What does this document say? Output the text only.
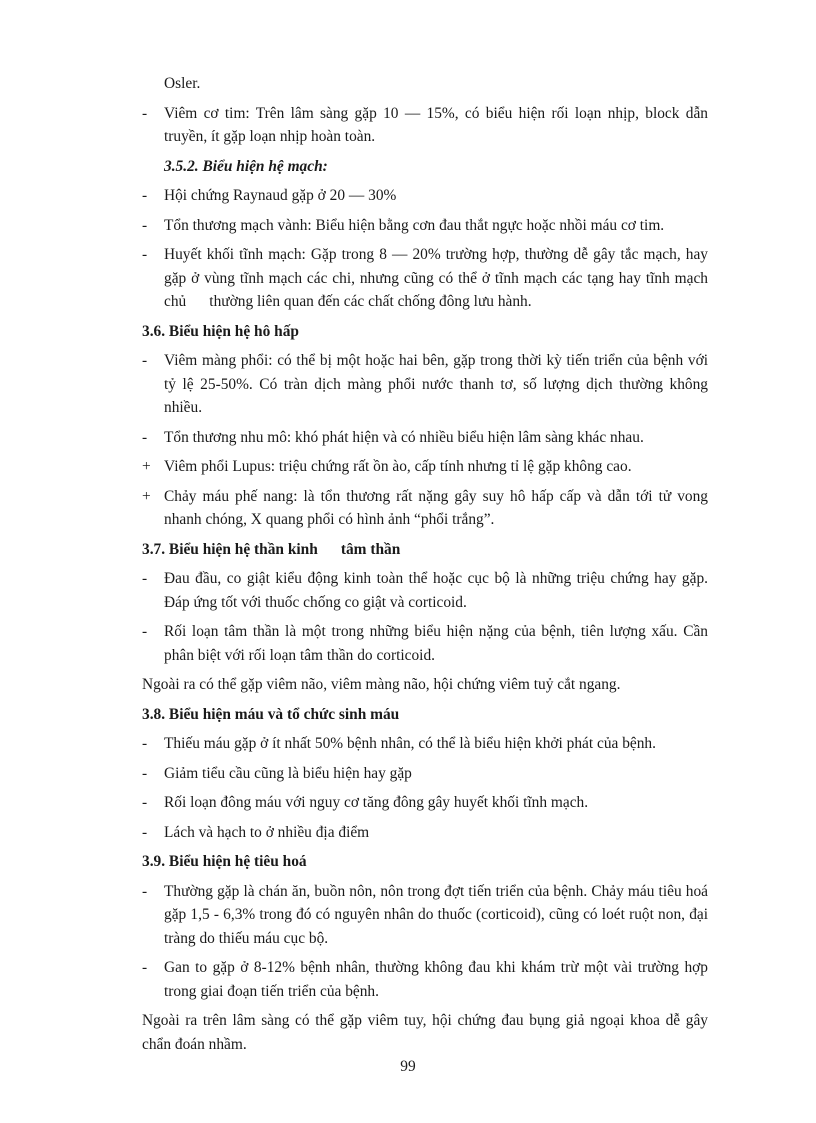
Osler.
-	Viêm cơ tim: Trên lâm sàng gặp 10 — 15%, có biểu hiện rối loạn nhịp, block dẫn truyền, ít gặp loạn nhịp hoàn toàn.
3.5.2. Biểu hiện hệ mạch:
-	Hội chứng Raynaud gặp ở 20 — 30%
-	Tổn thương mạch vành: Biểu hiện bằng cơn đau thắt ngực hoặc nhồi máu cơ tim.
-	Huyết khối tĩnh mạch: Gặp trong 8 — 20% trường hợp, thường dễ gây tắc mạch, hay gặp ở vùng tĩnh mạch các chi, nhưng cũng có thể ở tĩnh mạch các tạng hay tĩnh mạch chủ      thường liên quan đến các chất chống đông lưu hành.
3.6. Biểu hiện hệ hô hấp
-	Viêm màng phổi: có thể bị một hoặc hai bên, gặp trong thời kỳ tiến triển của bệnh với tỷ lệ 25-50%. Có tràn dịch màng phổi nước thanh tơ, số lượng dịch thường không nhiều.
-	Tổn thương nhu mô: khó phát hiện và có nhiều biểu hiện lâm sàng khác nhau.
+ Viêm phổi Lupus: triệu chứng rất ồn ào, cấp tính nhưng tỉ lệ gặp không cao.
+ Chảy máu phế nang: là tổn thương rất nặng gây suy hô hấp cấp và dẫn tới tử vong nhanh chóng, X quang phổi có hình ảnh “phổi trắng”.
3.7. Biểu hiện hệ thần kinh      tâm thần
-	Đau đầu, co giật kiểu động kinh toàn thể hoặc cục bộ là những triệu chứng hay gặp. Đáp ứng tốt với thuốc chống co giật và corticoid.
-	Rối loạn tâm thần là một trong những biểu hiện nặng của bệnh, tiên lượng xấu. Cần phân biệt với rối loạn tâm thần do corticoid.
Ngoài ra có thể gặp viêm não, viêm màng não, hội chứng viêm tuỷ cắt ngang.
3.8. Biểu hiện máu và tổ chức sinh máu
-	Thiếu máu gặp ở ít nhất 50% bệnh nhân, có thể là biểu hiện khởi phát của bệnh.
-	Giảm tiểu cầu cũng là biểu hiện hay gặp
-	Rối loạn đông máu với nguy cơ tăng đông gây huyết khối tĩnh mạch.
-	Lách và hạch to ở nhiều địa điểm
3.9. Biểu hiện hệ tiêu hoá
-	Thường gặp là chán ăn, buồn nôn, nôn trong đợt tiến triển của bệnh. Chảy máu tiêu hoá gặp 1,5 - 6,3% trong đó có nguyên nhân do thuốc (corticoid), cũng có loét ruột non, đại tràng do thiếu máu cục bộ.
-	Gan to gặp ở 8-12% bệnh nhân, thường không đau khi khám trừ một vài trường hợp trong giai đoạn tiến triển của bệnh.
Ngoài ra trên lâm sàng có thể gặp viêm tuy, hội chứng đau bụng giả ngoại khoa dễ gây chẩn đoán nhầm.
99
